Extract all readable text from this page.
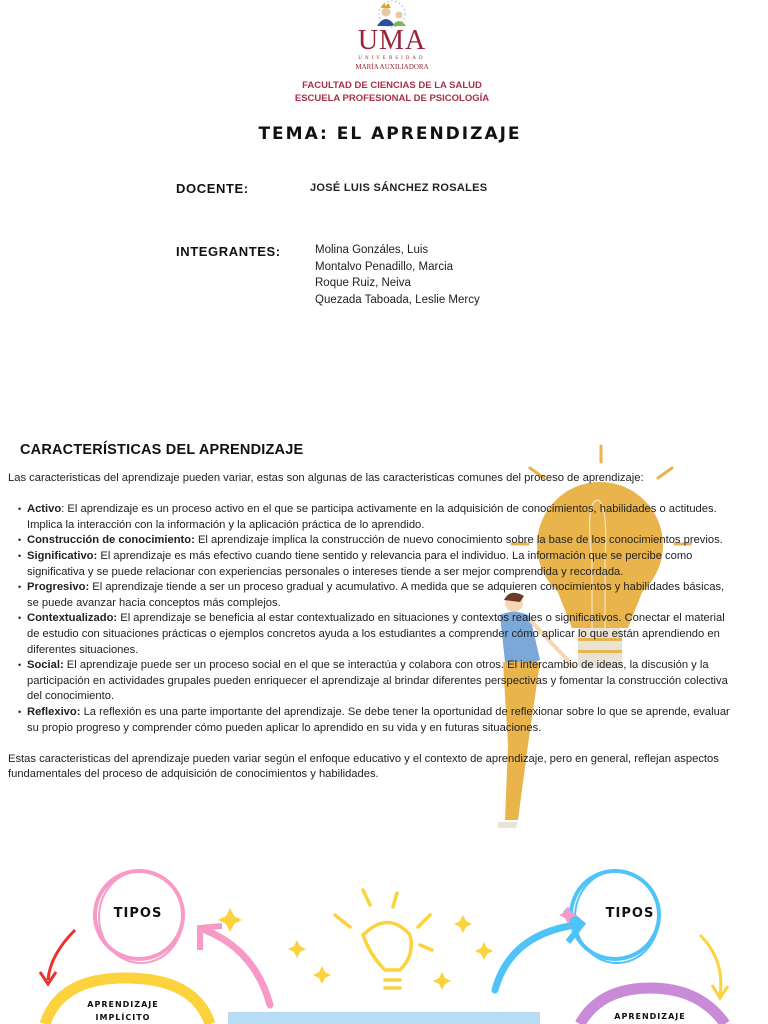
UMA
UNIVERSIDAD
MARÍA AUXILIADORA
FACULTAD DE CIENCIAS DE LA SALUD
ESCUELA PROFESIONAL DE PSICOLOGÍA
TEMA: EL APRENDIZAJE
DOCENTE:	JOSÉ LUIS SÁNCHEZ ROSALES
INTEGRANTES:	Molina Gonzáles, Luis
Montalvo Penadillo, Marcia
Roque Ruiz, Neiva
Quezada Taboada, Leslie Mercy
CARACTERÍSTICAS DEL APRENDIZAJE

Las caracteristicas del aprendizaje pueden variar, estas son algunas de las caracteristicas comunes del proceso de aprendizaje:

• Activo: El aprendizaje es un proceso activo en el que se participa activamente en la adquisición de conocimientos, habilidades o actitudes. Implica la interacción con la información y la aplicación práctica de lo aprendido.
• Construcción de conocimiento: El aprendizaje implica la construcción de nuevo conocimiento sobre la base de los conocimientos previos.
• Significativo: El aprendizaje es más efectivo cuando tiene sentido y relevancia para el individuo. La información que se percibe como significativa y se puede relacionar con experiencias personales o intereses tiende a ser mejor comprendida y recordada.
• Progresivo: El aprendizaje tiende a ser un proceso gradual y acumulativo. A medida que se adquieren conocimientos y habilidades básicas, se puede avanzar hacia conceptos más complejos.
• Contextualizado: El aprendizaje se beneficia al estar contextualizado en situaciones y contextos reales o significativos. Conectar el material de estudio con situaciones prácticas o ejemplos concretos ayuda a los estudiantes a comprender cómo aplicar lo que están aprendiendo en diferentes situaciones.
• Social: El aprendizaje puede ser un proceso social en el que se interactúa y colabora con otros. El intercambio de ideas, la discusión y la participación en actividades grupales pueden enriquecer el aprendizaje al brindar diferentes perspectivas y fomentar la construcción colectiva del conocimiento.
• Reflexivo: La reflexión es una parte importante del aprendizaje. Se debe tener la oportunidad de reflexionar sobre lo que se aprende, evaluar su propio progreso y comprender cómo pueden aplicar lo aprendido en su vida y en futuras situaciones.

Estas caracteristicas del aprendizaje pueden variar según el enfoque educativo y el contexto de aprendizaje, pero en general, reflejan aspectos fundamentales del proceso de adquisición de conocimientos y habilidades.

TIPOS	TIPOS
APRENDIZAJE IMPLÍCITO	APRENDIZAJE
